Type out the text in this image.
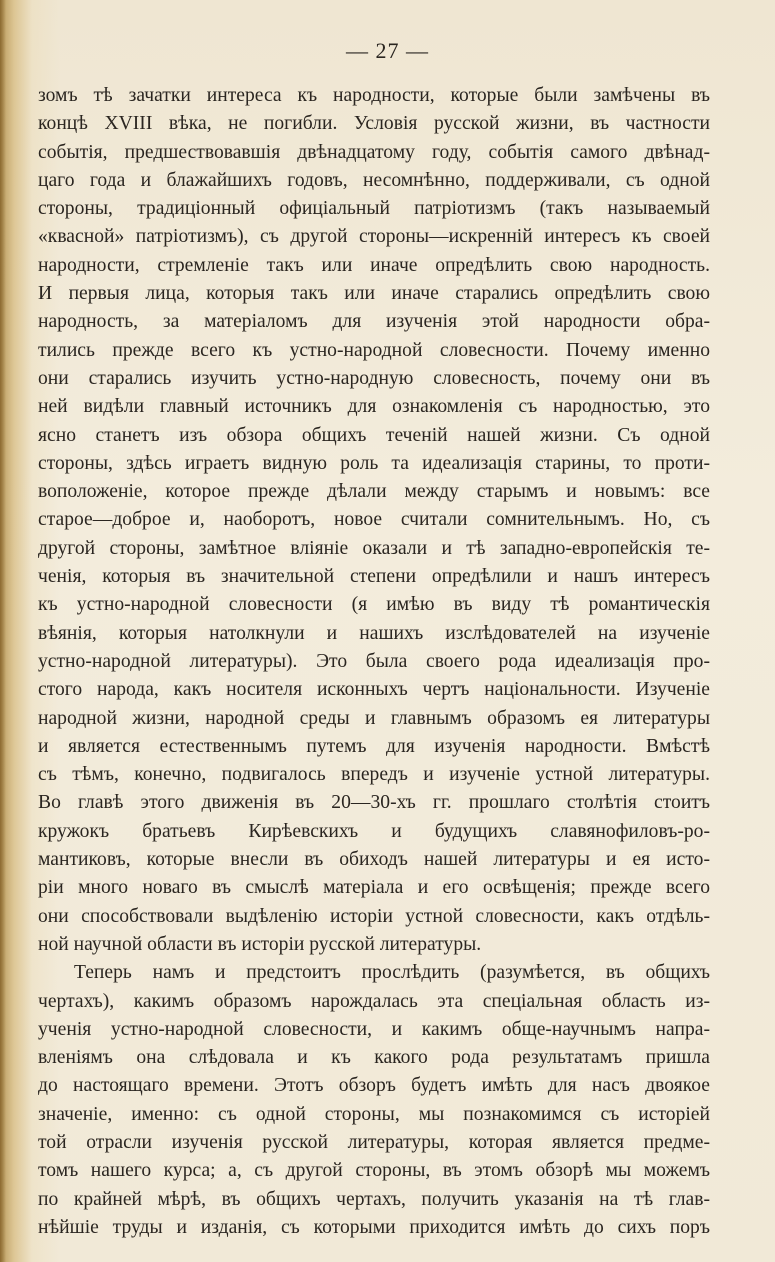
— 27 —
зомъ тѣ зачатки интереса къ народности, которые были замѣчены въ
концѣ XVIII вѣка, не погибли. Условія русской жизни, въ частности
событія, предшествовавшія двѣнадцатому году, событія самого двѣнад-
цаго года и блажайшихъ годовъ, несомнѣнно, поддерживали, съ одной
стороны, традиціонный офиціальный патріотизмъ (такъ называемый
«квасной» патріотизмъ), съ другой стороны—искренній интересъ къ своей
народности, стремленіе такъ или иначе опредѣлить свою народность.
И первыя лица, которыя такъ или иначе старались опредѣлить свою
народность, за матеріаломъ для изученія этой народности обра-
тились прежде всего къ устно-народной словесности. Почему именно
они старались изучить устно-народную словесность, почему они въ
ней видѣли главный источникъ для ознакомленія съ народностью, это
ясно станетъ изъ обзора общихъ теченій нашей жизни. Съ одной
стороны, здѣсь играетъ видную роль та идеализація старины, то проти-
воположеніе, которое прежде дѣлали между старымъ и новымъ: все
старое—доброе и, наоборотъ, новое считали сомнительнымъ. Но, съ
другой стороны, замѣтное вліяніе оказали и тѣ западно-европейскія те-
ченія, которыя въ значительной степени опредѣлили и нашъ интересъ
къ устно-народной словесности (я имѣю въ виду тѣ романтическія
вѣянія, которыя натолкнули и нашихъ изслѣдователей на изученіе
устно-народной литературы). Это была своего рода идеализація про-
стого народа, какъ носителя исконныхъ чертъ національности. Изученіе
народной жизни, народной среды и главнымъ образомъ ея литературы
и является естественнымъ путемъ для изученія народности. Вмѣстѣ
съ тѣмъ, конечно, подвигалось впередъ и изученіе устной литературы.
Во главѣ этого движенія въ 20—30-хъ гг. прошлаго столѣтія стоитъ
кружокъ братьевъ Кирѣевскихъ и будущихъ славянофиловъ-ро-
мантиковъ, которые внесли въ обиходъ нашей литературы и ея исто-
ріи много новаго въ смыслѣ матеріала и его освѣщенія; прежде всего
они способствовали выдѣленію исторіи устной словесности, какъ отдѣль-
ной научной области въ исторіи русской литературы.
Теперь намъ и предстоитъ прослѣдить (разумѣется, въ общихъ
чертахъ), какимъ образомъ нарождалась эта спеціальная область из-
ученія устно-народной словесности, и какимъ обще-научнымъ напра-
вленіямъ она слѣдовала и къ какого рода результатамъ пришла
до настоящаго времени. Этотъ обзоръ будетъ имѣть для насъ двоякое
значеніе, именно: съ одной стороны, мы познакомимся съ исторіей
той отрасли изученія русской литературы, которая является предме-
томъ нашего курса; а, съ другой стороны, въ этомъ обзорѣ мы можемъ
по крайней мѣрѣ, въ общихъ чертахъ, получить указанія на тѣ глав-
нѣйшіе труды и изданія, съ которыми приходится имѣть до сихъ поръ
